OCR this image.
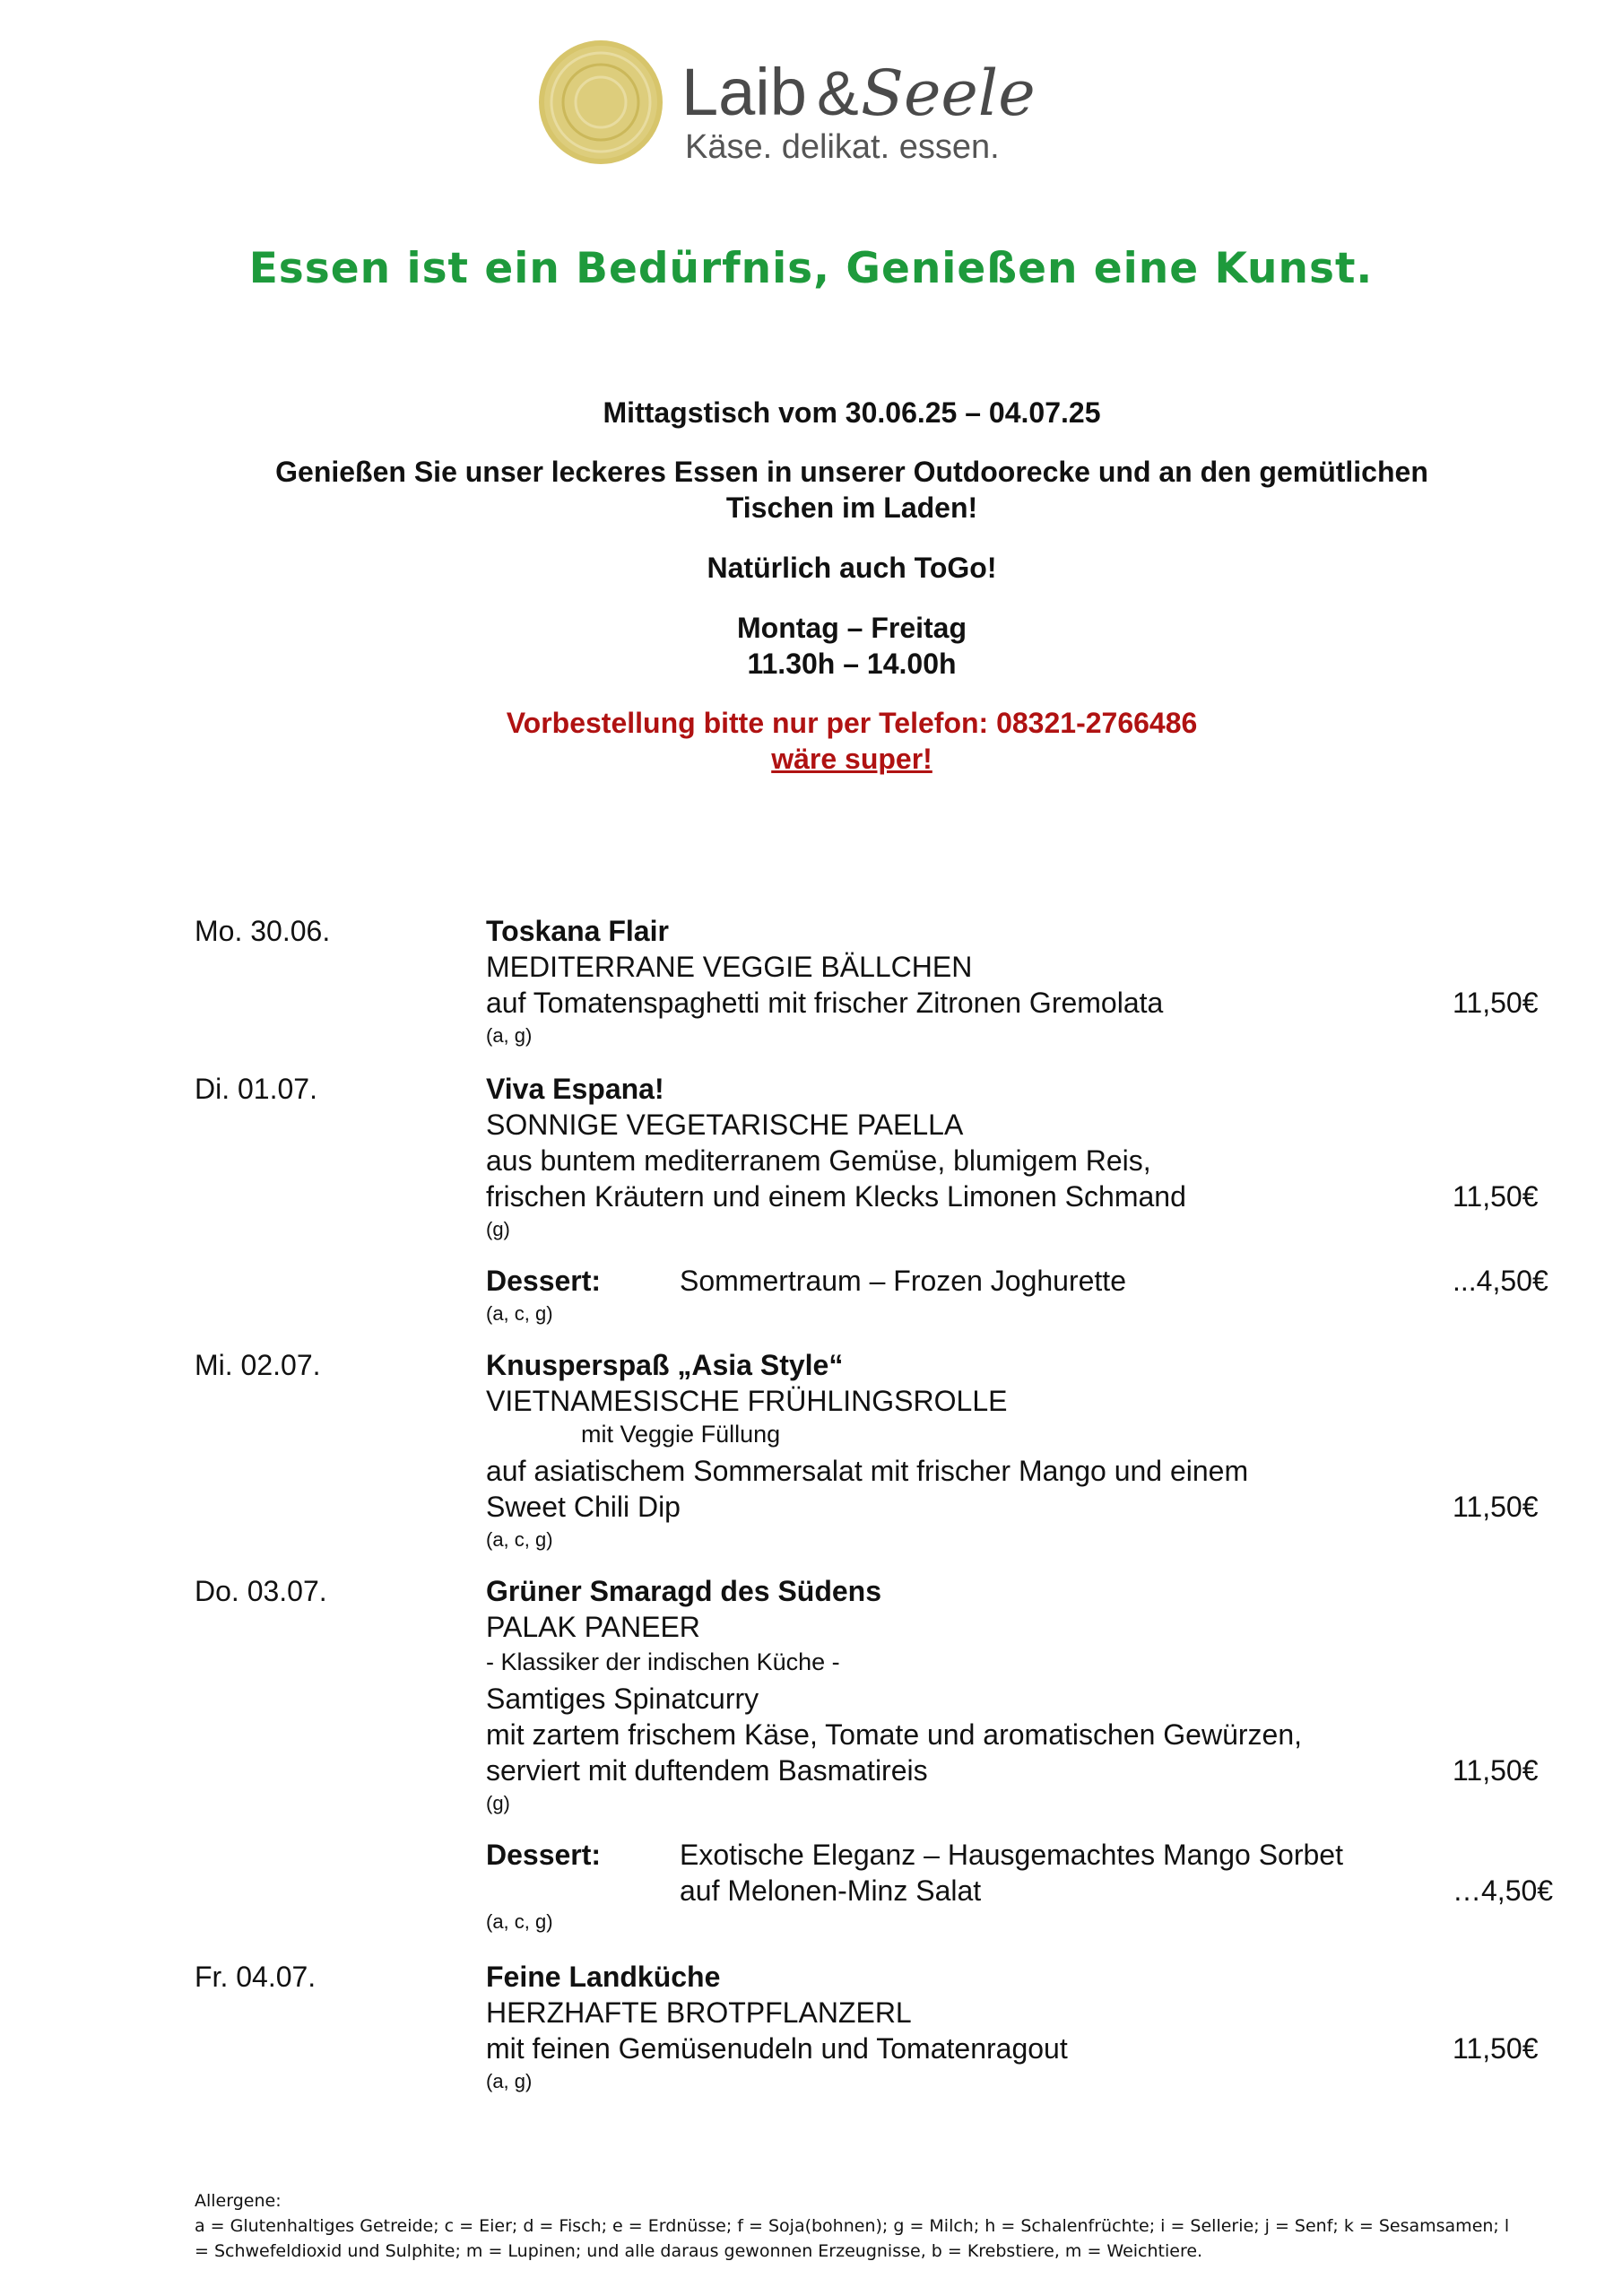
Laib & Seele
Käse. delikat. essen.
Essen ist ein Bedürfnis, Genießen eine Kunst.
Mittagstisch vom 30.06.25 – 04.07.25
Genießen Sie unser leckeres Essen in unserer Outdoorecke und an den gemütlichen
Tischen im Laden!
Natürlich auch ToGo!
Montag – Freitag
11.30h – 14.00h
Vorbestellung bitte nur per Telefon: 08321-2766486
wäre super!
Mo. 30.06.	Toskana Flair
MEDITERRANE VEGGIE BÄLLCHEN
auf Tomatenspaghetti mit frischer Zitronen Gremolata	11,50€
(a, g)
Di. 01.07.	Viva Espana!
SONNIGE VEGETARISCHE PAELLA
aus buntem mediterranem Gemüse, blumigem Reis,
frischen Kräutern und einem Klecks Limonen Schmand	11,50€
(g)
Dessert:	Sommertraum – Frozen Joghurette	...4,50€
(a, c, g)
Mi. 02.07.	Knusperspaß „Asia Style“
VIETNAMESISCHE FRÜHLINGSROLLE
mit Veggie Füllung
auf asiatischem Sommersalat mit frischer Mango und einem
Sweet Chili Dip	11,50€
(a, c, g)
Do. 03.07.	Grüner Smaragd des Südens
PALAK PANEER
- Klassiker der indischen Küche -
Samtiges Spinatcurry
mit zartem frischem Käse, Tomate und aromatischen Gewürzen,
serviert mit duftendem Basmatireis	11,50€
(g)
Dessert:	Exotische Eleganz – Hausgemachtes Mango Sorbet
auf Melonen-Minz Salat	…4,50€
(a, c, g)
Fr. 04.07.	Feine Landküche
HERZHAFTE BROTPFLANZERL
mit feinen Gemüsenudeln und Tomatenragout	11,50€
(a, g)
Allergene:
a = Glutenhaltiges Getreide; c = Eier; d = Fisch; e = Erdnüsse; f = Soja(bohnen); g = Milch; h = Schalenfrüchte; i = Sellerie; j = Senf; k = Sesamsamen; l
= Schwefeldioxid und Sulphite; m = Lupinen; und alle daraus gewonnen Erzeugnisse, b = Krebstiere, m = Weichtiere.
